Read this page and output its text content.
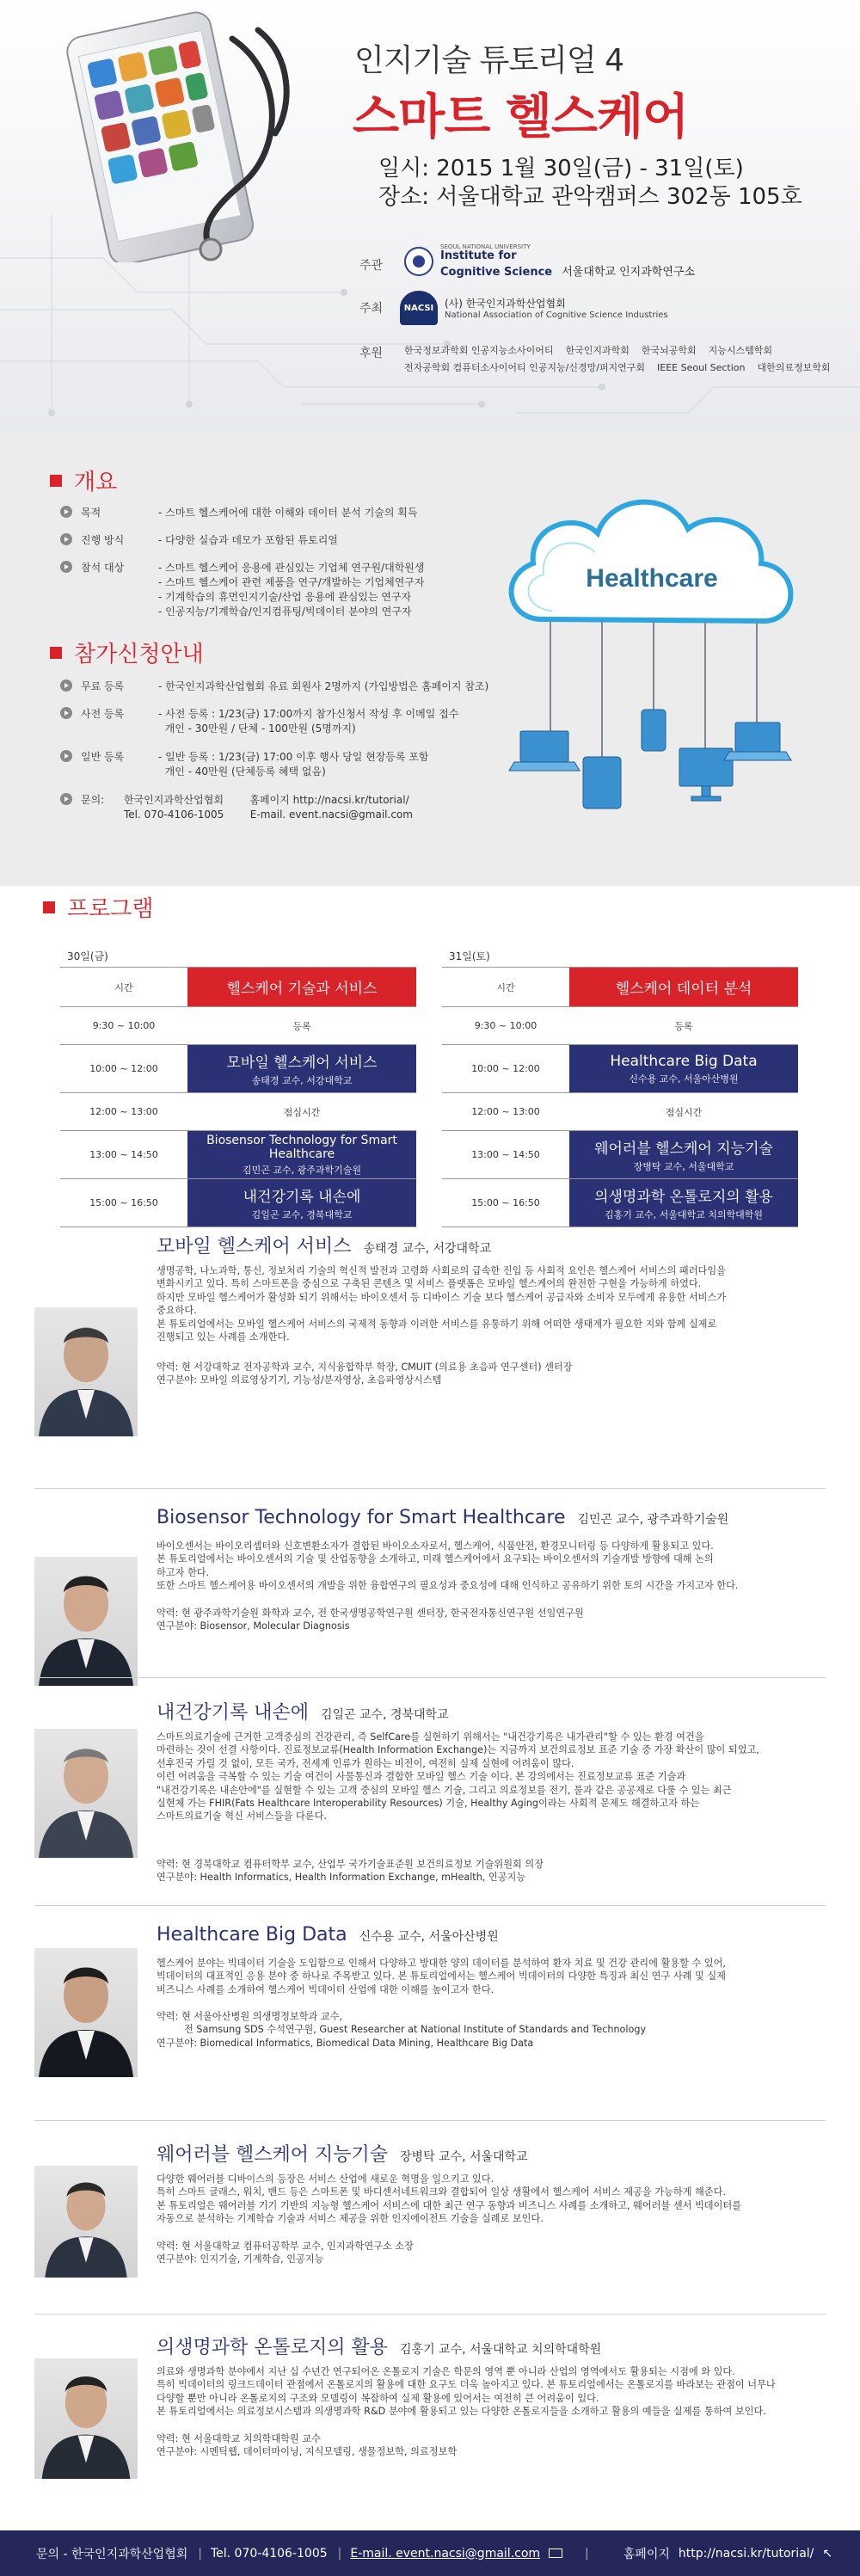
인지기술 튜토리얼 4
스마트 헬스케어
일시: 2015 1월 30일(금) - 31일(토)
장소: 서울대학교 관악캠퍼스 302동 105호
주관
SEOUL NATIONAL UNIVERSITY
Institute for
Cognitive Science 서울대학교 인지과학연구소
주최	NACSI	(사) 한국인지과학산업협회
National Association of Cognitive Science Industries
후원 한국정보과학회 인공지능소사이어티    한국인지과학회    한국뇌공학회    지능시스템학회
전자공학회 컴퓨터소사이어티 인공지능/신경망/퍼지연구회    IEEE Seoul Section    대한의료정보학회
개요
목적	- 스마트 헬스케어에 대한 이해와 데이터 분석 기술의 획득
진행 방식	- 다양한 실습과 데모가 포함된 튜토리얼
참석 대상	- 스마트 헬스케어 응용에 관심있는 기업체 연구원/대학원생
- 스마트 헬스케어 관련 제품을 연구/개발하는 기업체연구자
- 기계학습의 휴먼인지기술/산업 응용에 관심있는 연구자
- 인공지능/기계학습/인지컴퓨팅/빅데이터 분야의 연구자
참가신청안내
무료 등록	- 한국인지과학산업협회 유료 회원사 2명까지 (가입방법은 홈페이지 참조)
사전 등록	- 사전 등록 : 1/23(금) 17:00까지 참가신청서 작성 후 이메일 접수
개인 - 30만원 / 단체 - 100만원 (5명까지)
일반 등록	- 일반 등록 : 1/23(금) 17:00 이후 행사 당일 현장등록 포함
개인 - 40만원 (단체등록 혜택 없음)
문의: 한국인지과학산업협회        홈페이지 http://nacsi.kr/tutorial/
Tel. 070-4106-1005        E-mail. event.nacsi@gmail.com
Healthcare
프로그램
30일(금)
시간	헬스케어 기술과 서비스
9:30 ~ 10:00	등록
10:00 ~ 12:00	모바일 헬스케어 서비스
송태경 교수, 서강대학교

12:00 ~ 13:00	점심시간
13:00 ~ 14:50	Biosensor Technology for Smart Healthcare
김민곤 교수, 광주과학기술원

15:00 ~ 16:50	내건강기록 내손에
김일곤 교수, 경북대학교
31일(토)
시간	헬스케어 데이터 분석
9:30 ~ 10:00	등록
10:00 ~ 12:00	Healthcare Big Data
신수용 교수, 서울아산병원

12:00 ~ 13:00	점심시간
13:00 ~ 14:50	웨어러블 헬스케어 지능기술
장병탁 교수, 서울대학교

15:00 ~ 16:50	의생명과학 온톨로지의 활용
김홍기 교수, 서울대학교 치의학대학원
모바일 헬스케어 서비스 송태경 교수, 서강대학교

생명공학, 나노과학, 통신, 정보처리 기술의 혁신적 발전과 고령화 사회로의 급속한 진입 등 사회적 요인은 헬스케어 서비스의 패러다임을

변화시키고 있다. 특히 스마트폰을 중심으로 구축된 콘텐츠 및 서비스 플랫폼은 모바일 헬스케어의 완전한 구현을 가능하게 하였다.

하지만 모바일 헬스케어가 활성화 되기 위해서는 바이오센서 등 디바이스 기술 보다 헬스케어 공급자와 소비자 모두에게 유용한 서비스가

중요하다.

본 튜토리얼에서는 모바일 헬스케어 서비스의 국제적 동향과 이러한 서비스를 유통하기 위해 어떠한 생태계가 필요한 지와 함께 실제로

진행되고 있는 사례를 소개한다.

약력: 현 서강대학교 전자공학과 교수, 지식융합학부 학장, CMUIT (의료용 초음파 연구센터) 센터장

연구분야: 모바일 의료영상기기, 기능성/분자영상, 초음파영상시스템

Biosensor Technology for Smart Healthcare 김민곤 교수, 광주과학기술원

바이오센서는 바이오리셉터와 신호변환소자가 결합된 바이오소자로서, 헬스케어, 식품안전, 환경모니터링 등 다양하게 활용되고 있다.

본 튜토리얼에서는 바이오센서의 기술 및 산업동향을 소개하고, 미래 헬스케어에서 요구되는 바이오센서의 기술개발 방향에 대해 논의

하고자 한다.

또한 스마트 헬스케어용 바이오센서의 개발을 위한 융합연구의 필요성과 중요성에 대해 인식하고 공유하기 위한 토의 시간을 가지고자 한다.

약력: 현 광주과학기술원 화학과 교수, 전 한국생명공학연구원 센터장, 한국전자통신연구원 선임연구원

연구분야: Biosensor, Molecular Diagnosis

내건강기록 내손에 김일곤 교수, 경북대학교

스마트의료기술에 근거한 고객중심의 건강관리, 즉 SelfCare를 실현하기 위해서는 "내건강기록은 내가관리"할 수 있는 환경 여건을

마련하는 것이 선결 사항이다. 진료정보교류(Health Information Exchange)는 지금까지 보건의료정보 표준 기술 중 가장 확산이 많이 되었고,

선후진국 가릴 것 없이, 모든 국가, 전세계 인류가 원하는 비전이, 여전히 실제 실현에 어려움이 많다.

이런 어려움을 극복할 수 있는 기술 여건이 사물통신과 결합한 모바일 헬스 기술 이다. 본 강의에서는 진료정보교류 표준 기술과

"내건강기록은 내손안에"를 실현할 수 있는 고객 중심의 모바일 헬스 기술, 그리고 의료정보를 전기, 물과 같은 공공재로 다룰 수 있는 최근

실현체 가는 FHIR(Fats Healthcare Interoperability Resources) 기술, Healthy Aging이라는 사회적 문제도 해결하고자 하는

스마트의료기술 혁신 서비스들을 다룬다.

약력: 현 경북대학교 컴퓨터학부 교수, 산업부 국가기술표준원 보건의료정보 기술위원회 의장

연구분야: Health Informatics, Health Information Exchange, mHealth, 인공지능

Healthcare Big Data 신수용 교수, 서울아산병원

헬스케어 분야는 빅데이터 기술을 도입함으로 인해서 다양하고 방대한 양의 데이터를 분석하여 환자 치료 및 건강 관리에 활용할 수 있어,

빅데이터의 대표적인 응용 분야 중 하나로 주목받고 있다. 본 튜토리얼에서는 헬스케어 빅데이터의 다양한 특징과 최신 연구 사례 및 실제

비즈니스 사례를 소개하여 헬스케어 빅데이터 산업에 대한 이해를 높이고자 한다.

약력: 현 서울아산병원 의생명정보학과 교수,

전 Samsung SDS 수석연구원, Guest Researcher at National Institute of Standards and Technology

연구분야: Biomedical Informatics, Biomedical Data Mining, Healthcare Big Data

웨어러블 헬스케어 지능기술 장병탁 교수, 서울대학교

다양한 웨어러블 디바이스의 등장은 서비스 산업에 새로운 혁명을 일으키고 있다.

특히 스마트 글래스, 워치, 밴드 등은 스마트폰 및 바디센서네트워크와 결합되어 일상 생활에서 헬스케어 서비스 제공을 가능하게 해준다.

본 튜토리얼은 웨어러블 기기 기반의 지능형 헬스케어 서비스에 대한 최근 연구 동향과 비즈니스 사례를 소개하고, 웨어러블 센서 빅데이터를

자동으로 분석하는 기계학습 기술과 서비스 제공을 위한 인지에이전트 기술을 실례로 보인다.

약력: 현 서울대학교 컴퓨터공학부 교수, 인지과학연구소 소장

연구분야: 인지기술, 기계학습, 인공지능

의생명과학 온톨로지의 활용 김홍기 교수, 서울대학교 치의학대학원

의료와 생명과학 분야에서 지난 십 수년간 연구되어온 온톨로지 기술은 학문의 영역 뿐 아니라 산업의 영역에서도 활용되는 시점에 와 있다.

특히 빅데이터의 링크드데이터 관점에서 온톨로지의 활용에 대한 요구도 더욱 높아지고 있다. 본 튜토리얼에서는 온톨로지를 바라보는 관점이 너무나

다양할 뿐만 아니라 온톨로지의 구조와 모델링이 복잡하여 실제 활용에 있어서는 여전히 큰 어려움이 있다.

본 튜토리얼에서는 의료정보시스템과 의생명과학 R&D 분야에 활용되고 있는 다양한 온톨로지들을 소개하고 활용의 예들을 실제를 통하여 보인다.

약력: 현 서울대학교 치의학대학원 교수

연구분야: 시멘틱웹, 데이터마이닝, 지식모델링, 생물정보학, 의료정보학

문의 - 한국인지과학산업협회 | Tel. 070-4106-1005 | E-mail. event.nacsi@gmail.com	|	홈페이지 http://nacsi.kr/tutorial/ ↖
